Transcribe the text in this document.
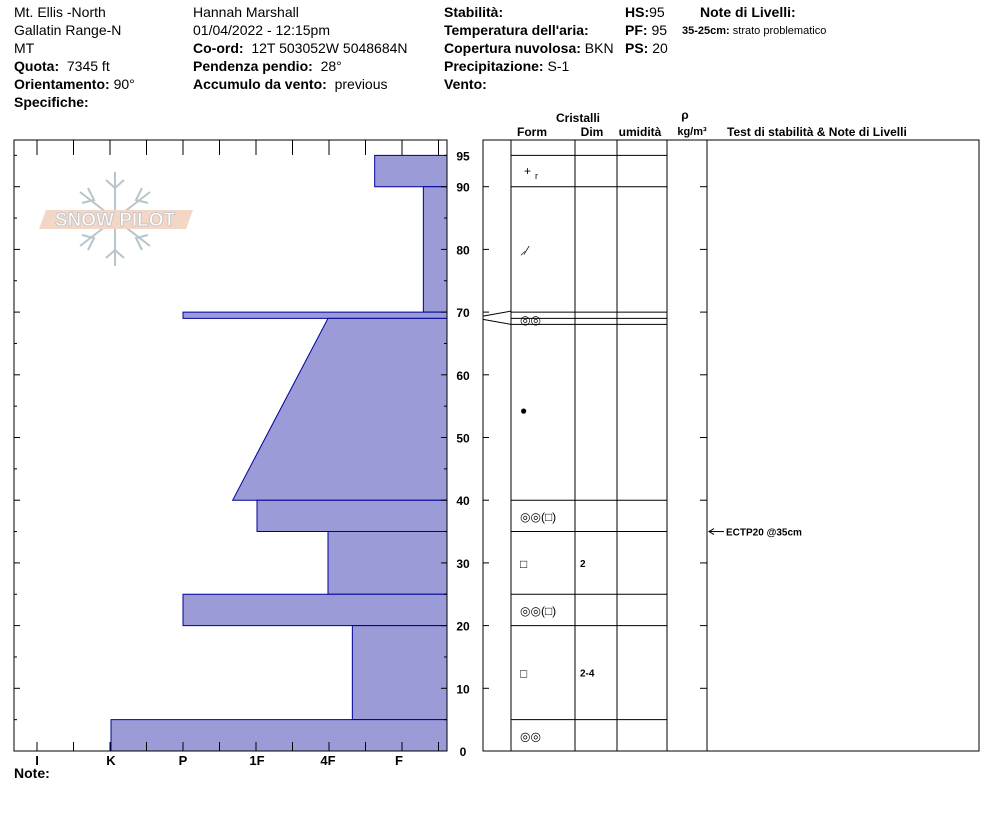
Mt. Ellis -North
Gallatin Range-N
MT
Quota: 7345 ft
Orientamento: 90°
Specifiche:
Hannah Marshall
01/04/2022 - 12:15pm
Co-ord: 12T 503052W 5048684N
Pendenza pendio: 28°
Accumulo da vento: previous
Stabilità:
Temperatura dell'aria:
Copertura nuvolosa: BKN
Precipitazione: S-1
Vento:
HS:95
PF: 95
PS: 20
Note di Livelli:
35-25cm: strato problematico
SNOW PILOT
I	K	P	1F	4F	F
0
10
20
30
40
50
60
70
80
90
95
+ r
⸝⁄
◎◎
●
◎◎(□)
□	2
◎◎(□)
□	2-4
◎◎
Cristalli
Form	Dim umidità
ρ
kg/m³ Test di stabilità & Note di Livelli
ECTP20 @35cm
Note:
